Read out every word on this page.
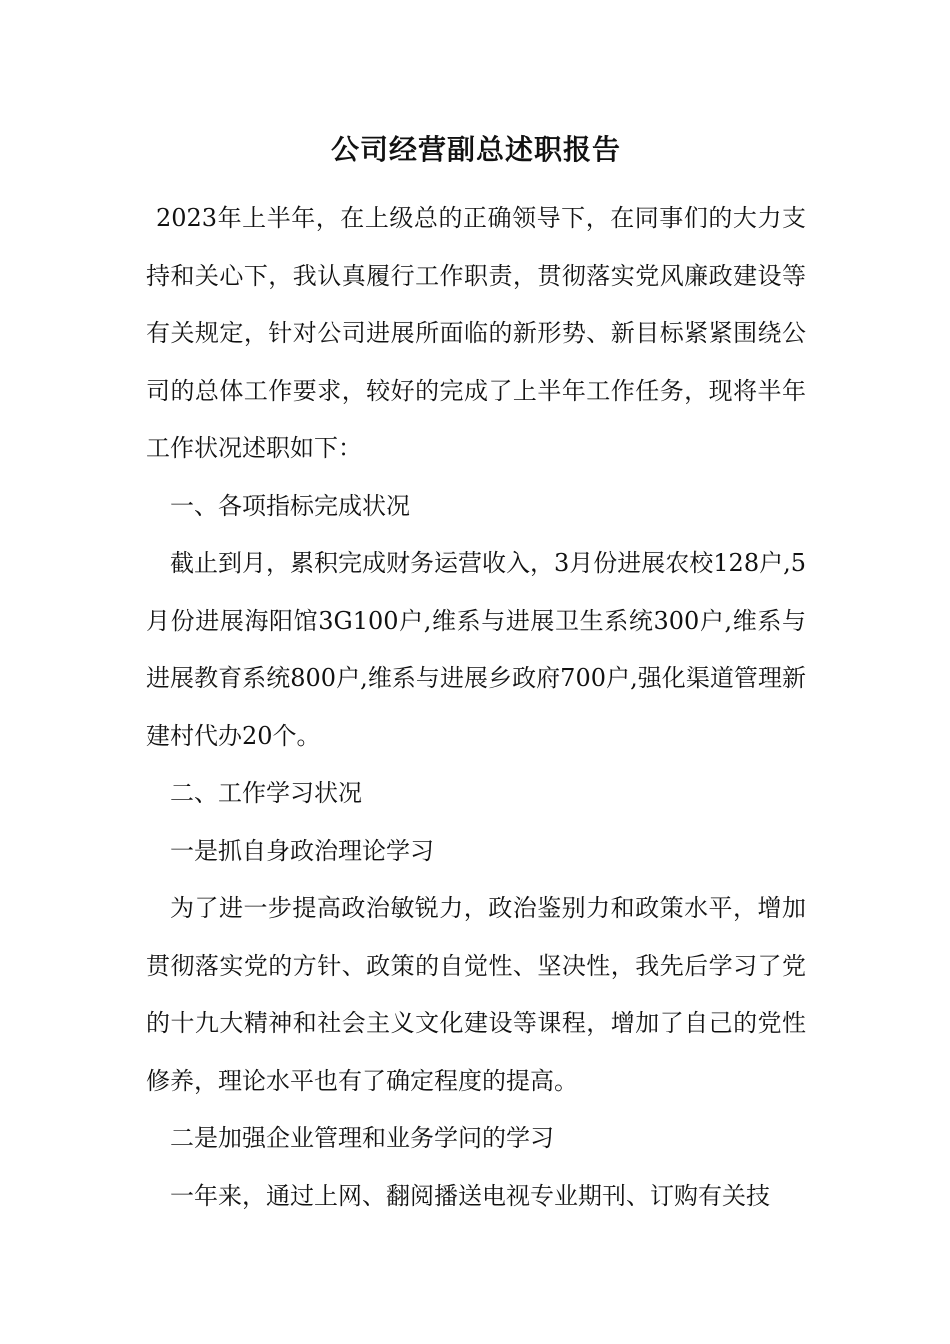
公司经营副总述职报告

2023年上半年，在上级总的正确领导下，在同事们的大力支持和关心下，我认真履行工作职责，贯彻落实党风廉政建设等有关规定，针对公司进展所面临的新形势、新目标紧紧围绕公司的总体工作要求，较好的完成了上半年工作任务，现将半年工作状况述职如下：

一、各项指标完成状况

截止到月，累积完成财务运营收入，3月份进展农校128户,5月份进展海阳馆3G100户,维系与进展卫生系统300户,维系与进展教育系统800户,维系与进展乡政府700户,强化渠道管理新建村代办20个。

二、工作学习状况

一是抓自身政治理论学习

为了进一步提高政治敏锐力，政治鉴别力和政策水平，增加贯彻落实党的方针、政策的自觉性、坚决性，我先后学习了党的十九大精神和社会主义文化建设等课程，增加了自己的党性修养，理论水平也有了确定程度的提高。

二是加强企业管理和业务学问的学习

一年来，通过上网、翻阅播送电视专业期刊、订购有关技
